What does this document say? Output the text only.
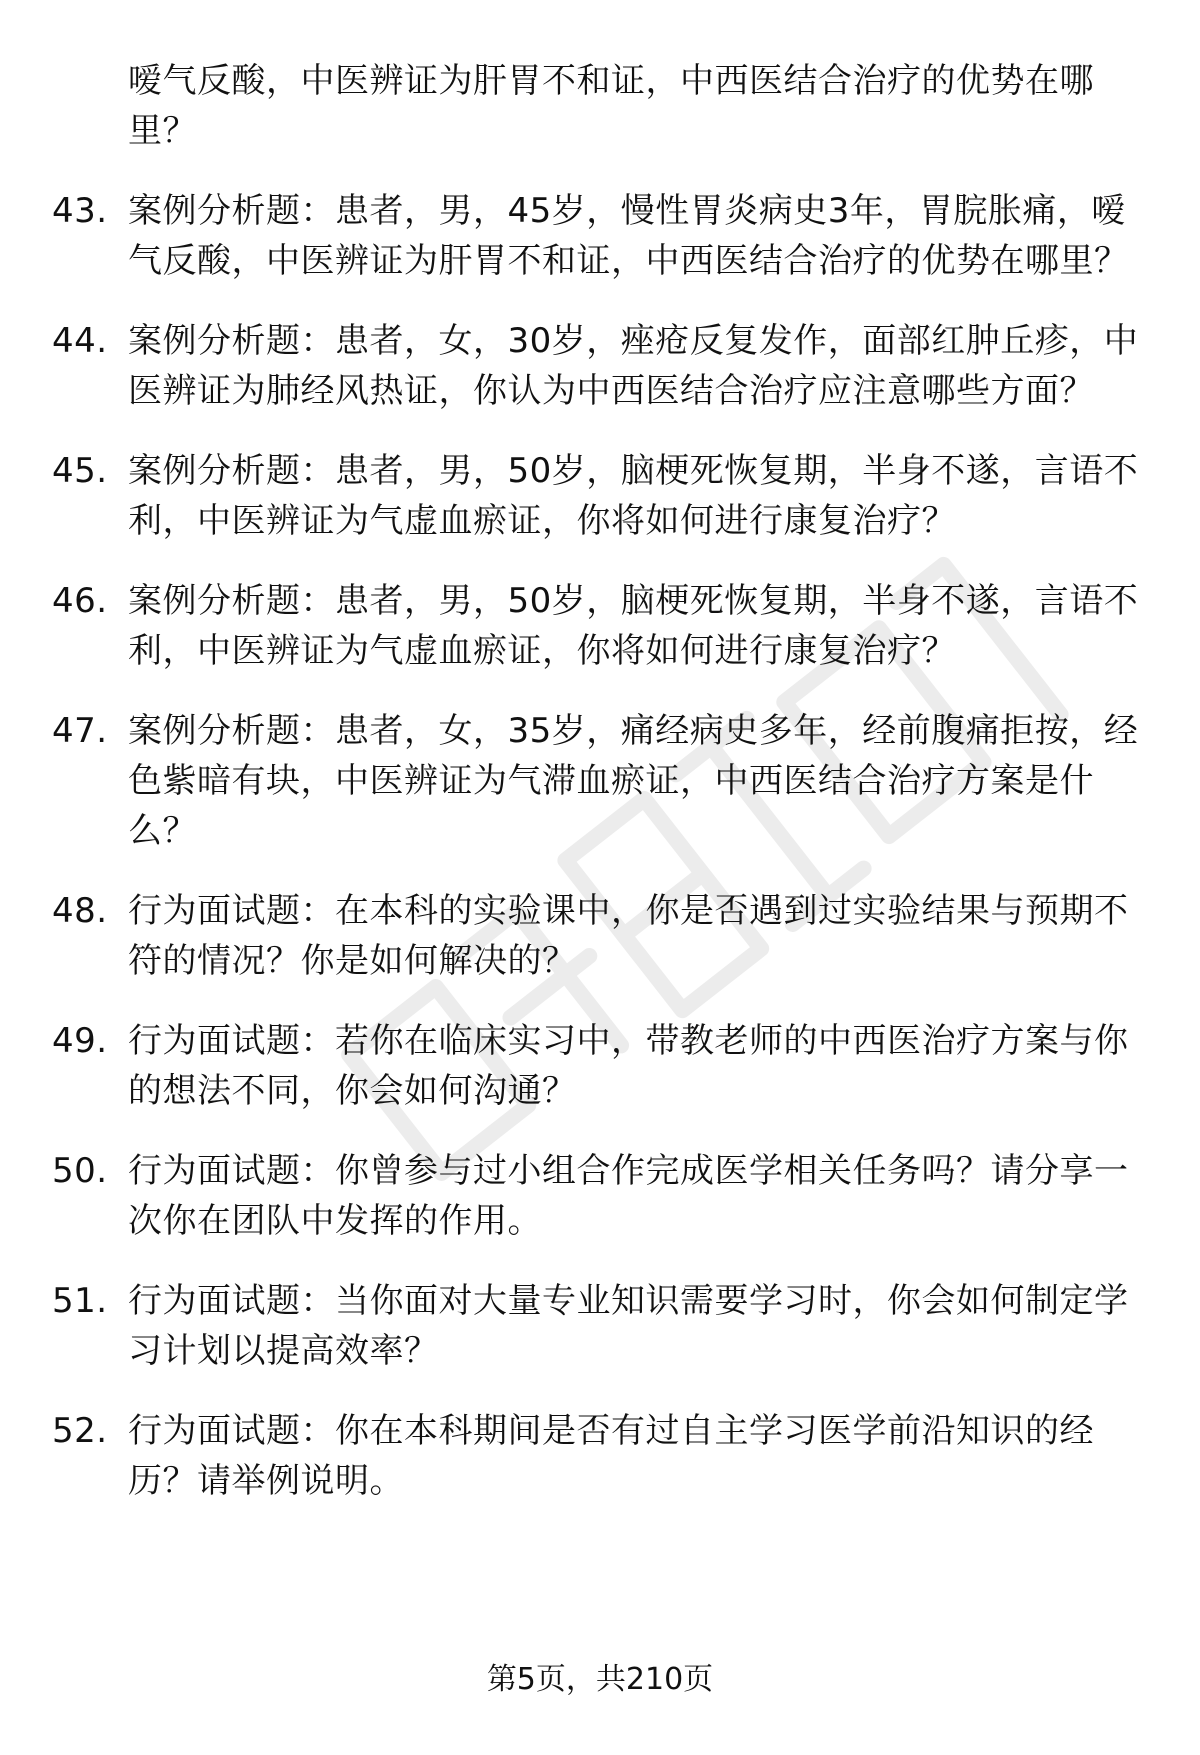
嗳气反酸，中医辨证为肝胃不和证，中西医结合治疗的优势在哪里？
43. 案例分析题：患者，男，45岁，慢性胃炎病史3年，胃脘胀痛，嗳气反酸，中医辨证为肝胃不和证，中西医结合治疗的优势在哪里？
44. 案例分析题：患者，女，30岁，痤疮反复发作，面部红肿丘疹，中医辨证为肺经风热证，你认为中西医结合治疗应注意哪些方面？
45. 案例分析题：患者，男，50岁，脑梗死恢复期，半身不遂，言语不利，中医辨证为气虚血瘀证，你将如何进行康复治疗？
46. 案例分析题：患者，男，50岁，脑梗死恢复期，半身不遂，言语不利，中医辨证为气虚血瘀证，你将如何进行康复治疗？
47. 案例分析题：患者，女，35岁，痛经病史多年，经前腹痛拒按，经色紫暗有块，中医辨证为气滞血瘀证，中西医结合治疗方案是什么？
48. 行为面试题：在本科的实验课中，你是否遇到过实验结果与预期不符的情况？你是如何解决的？
49. 行为面试题：若你在临床实习中，带教老师的中西医治疗方案与你的想法不同，你会如何沟通？
50. 行为面试题：你曾参与过小组合作完成医学相关任务吗？请分享一次你在团队中发挥的作用。
51. 行为面试题：当你面对大量专业知识需要学习时，你会如何制定学习计划以提高效率？
52. 行为面试题：你在本科期间是否有过自主学习医学前沿知识的经历？请举例说明。
第5页，共210页
